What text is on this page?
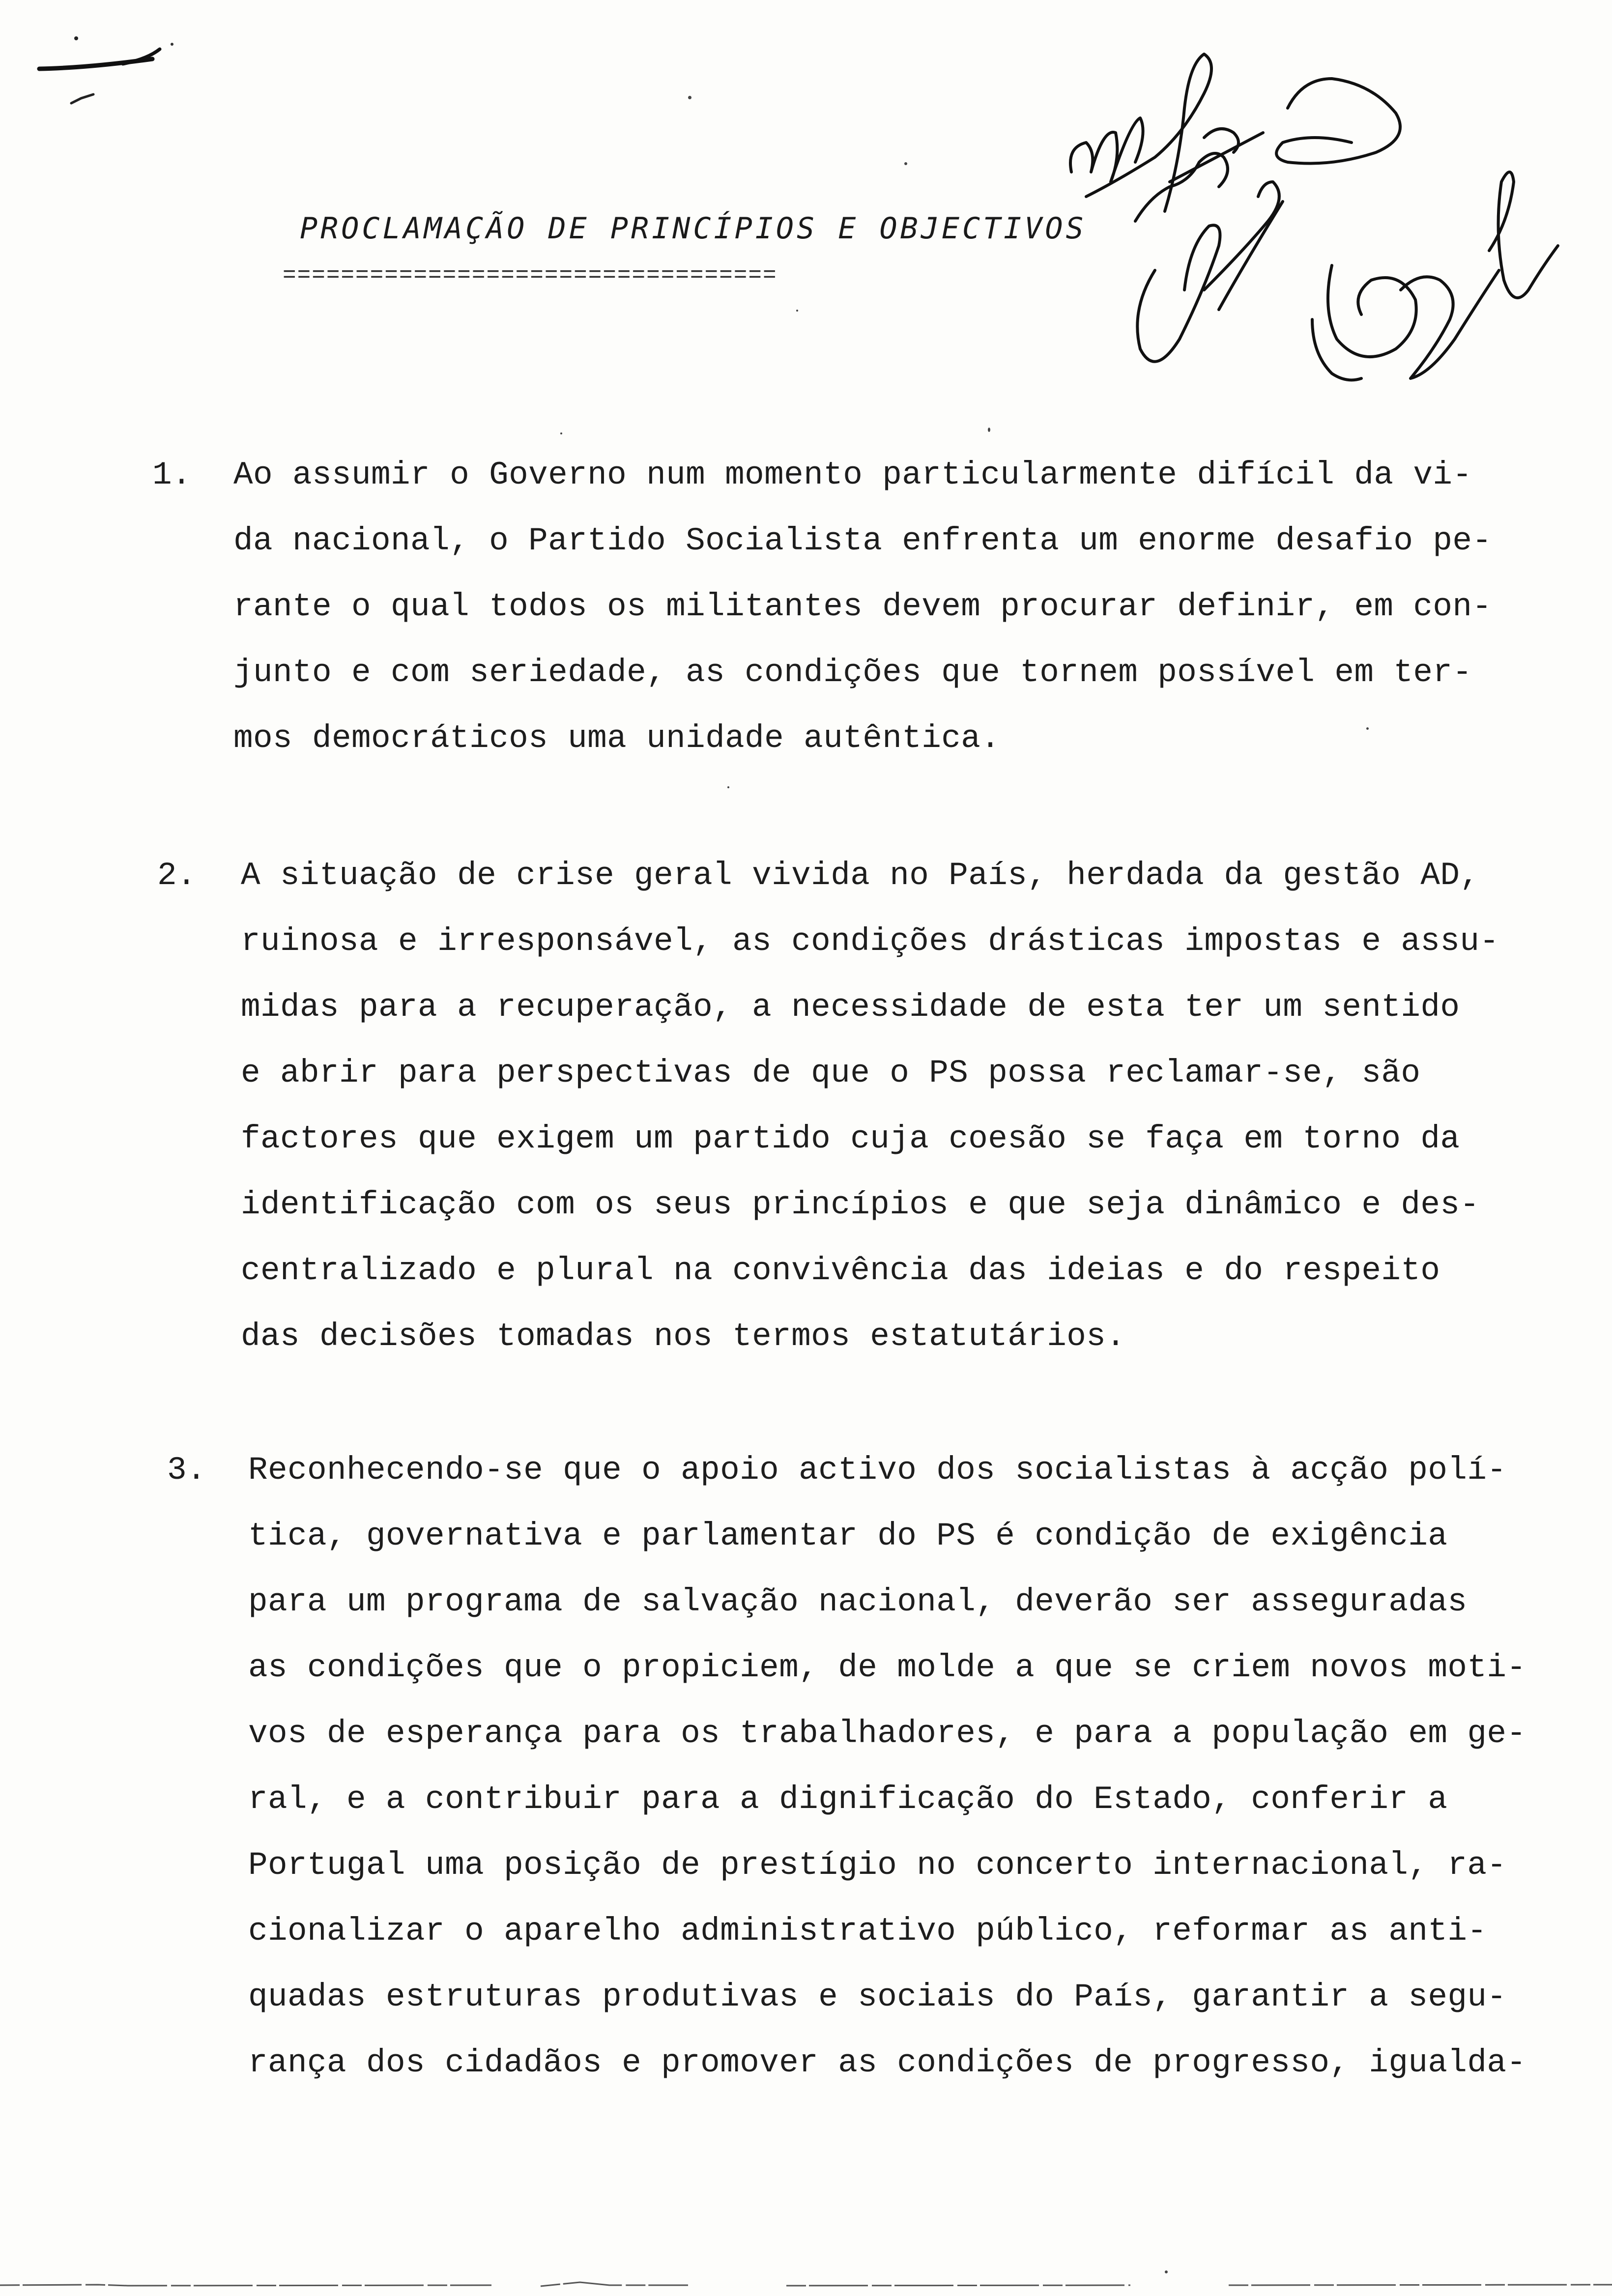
PROCLAMAÇÃO DE PRINCÍPIOS E OBJECTIVOS
==================================
1. Ao assumir o Governo num momento particularmente difícil da vi-
da nacional, o Partido Socialista enfrenta um enorme desafio pe-
rante o qual todos os militantes devem procurar definir, em con-
junto e com seriedade, as condições que tornem possível em ter-
mos democráticos uma unidade autêntica.
2. A situação de crise geral vivida no País, herdada da gestão AD,
ruinosa e irresponsável, as condições drásticas impostas e assu-
midas para a recuperação, a necessidade de esta ter um sentido
e abrir para perspectivas de que o PS possa reclamar-se, são
factores que exigem um partido cuja coesão se faça em torno da
identificação com os seus princípios e que seja dinâmico e des-
centralizado e plural na convivência das ideias e do respeito
das decisões tomadas nos termos estatutários.
3. Reconhecendo-se que o apoio activo dos socialistas à acção polí-
tica, governativa e parlamentar do PS é condição de exigência
para um programa de salvação nacional, deverão ser asseguradas
as condições que o propiciem, de molde a que se criem novos moti-
vos de esperança para os trabalhadores, e para a população em ge-
ral, e a contribuir para a dignificação do Estado, conferir a
Portugal uma posição de prestígio no concerto internacional, ra-
cionalizar o aparelho administrativo público, reformar as anti-
quadas estruturas produtivas e sociais do País, garantir a segu-
rança dos cidadãos e promover as condições de progresso, igualda-
